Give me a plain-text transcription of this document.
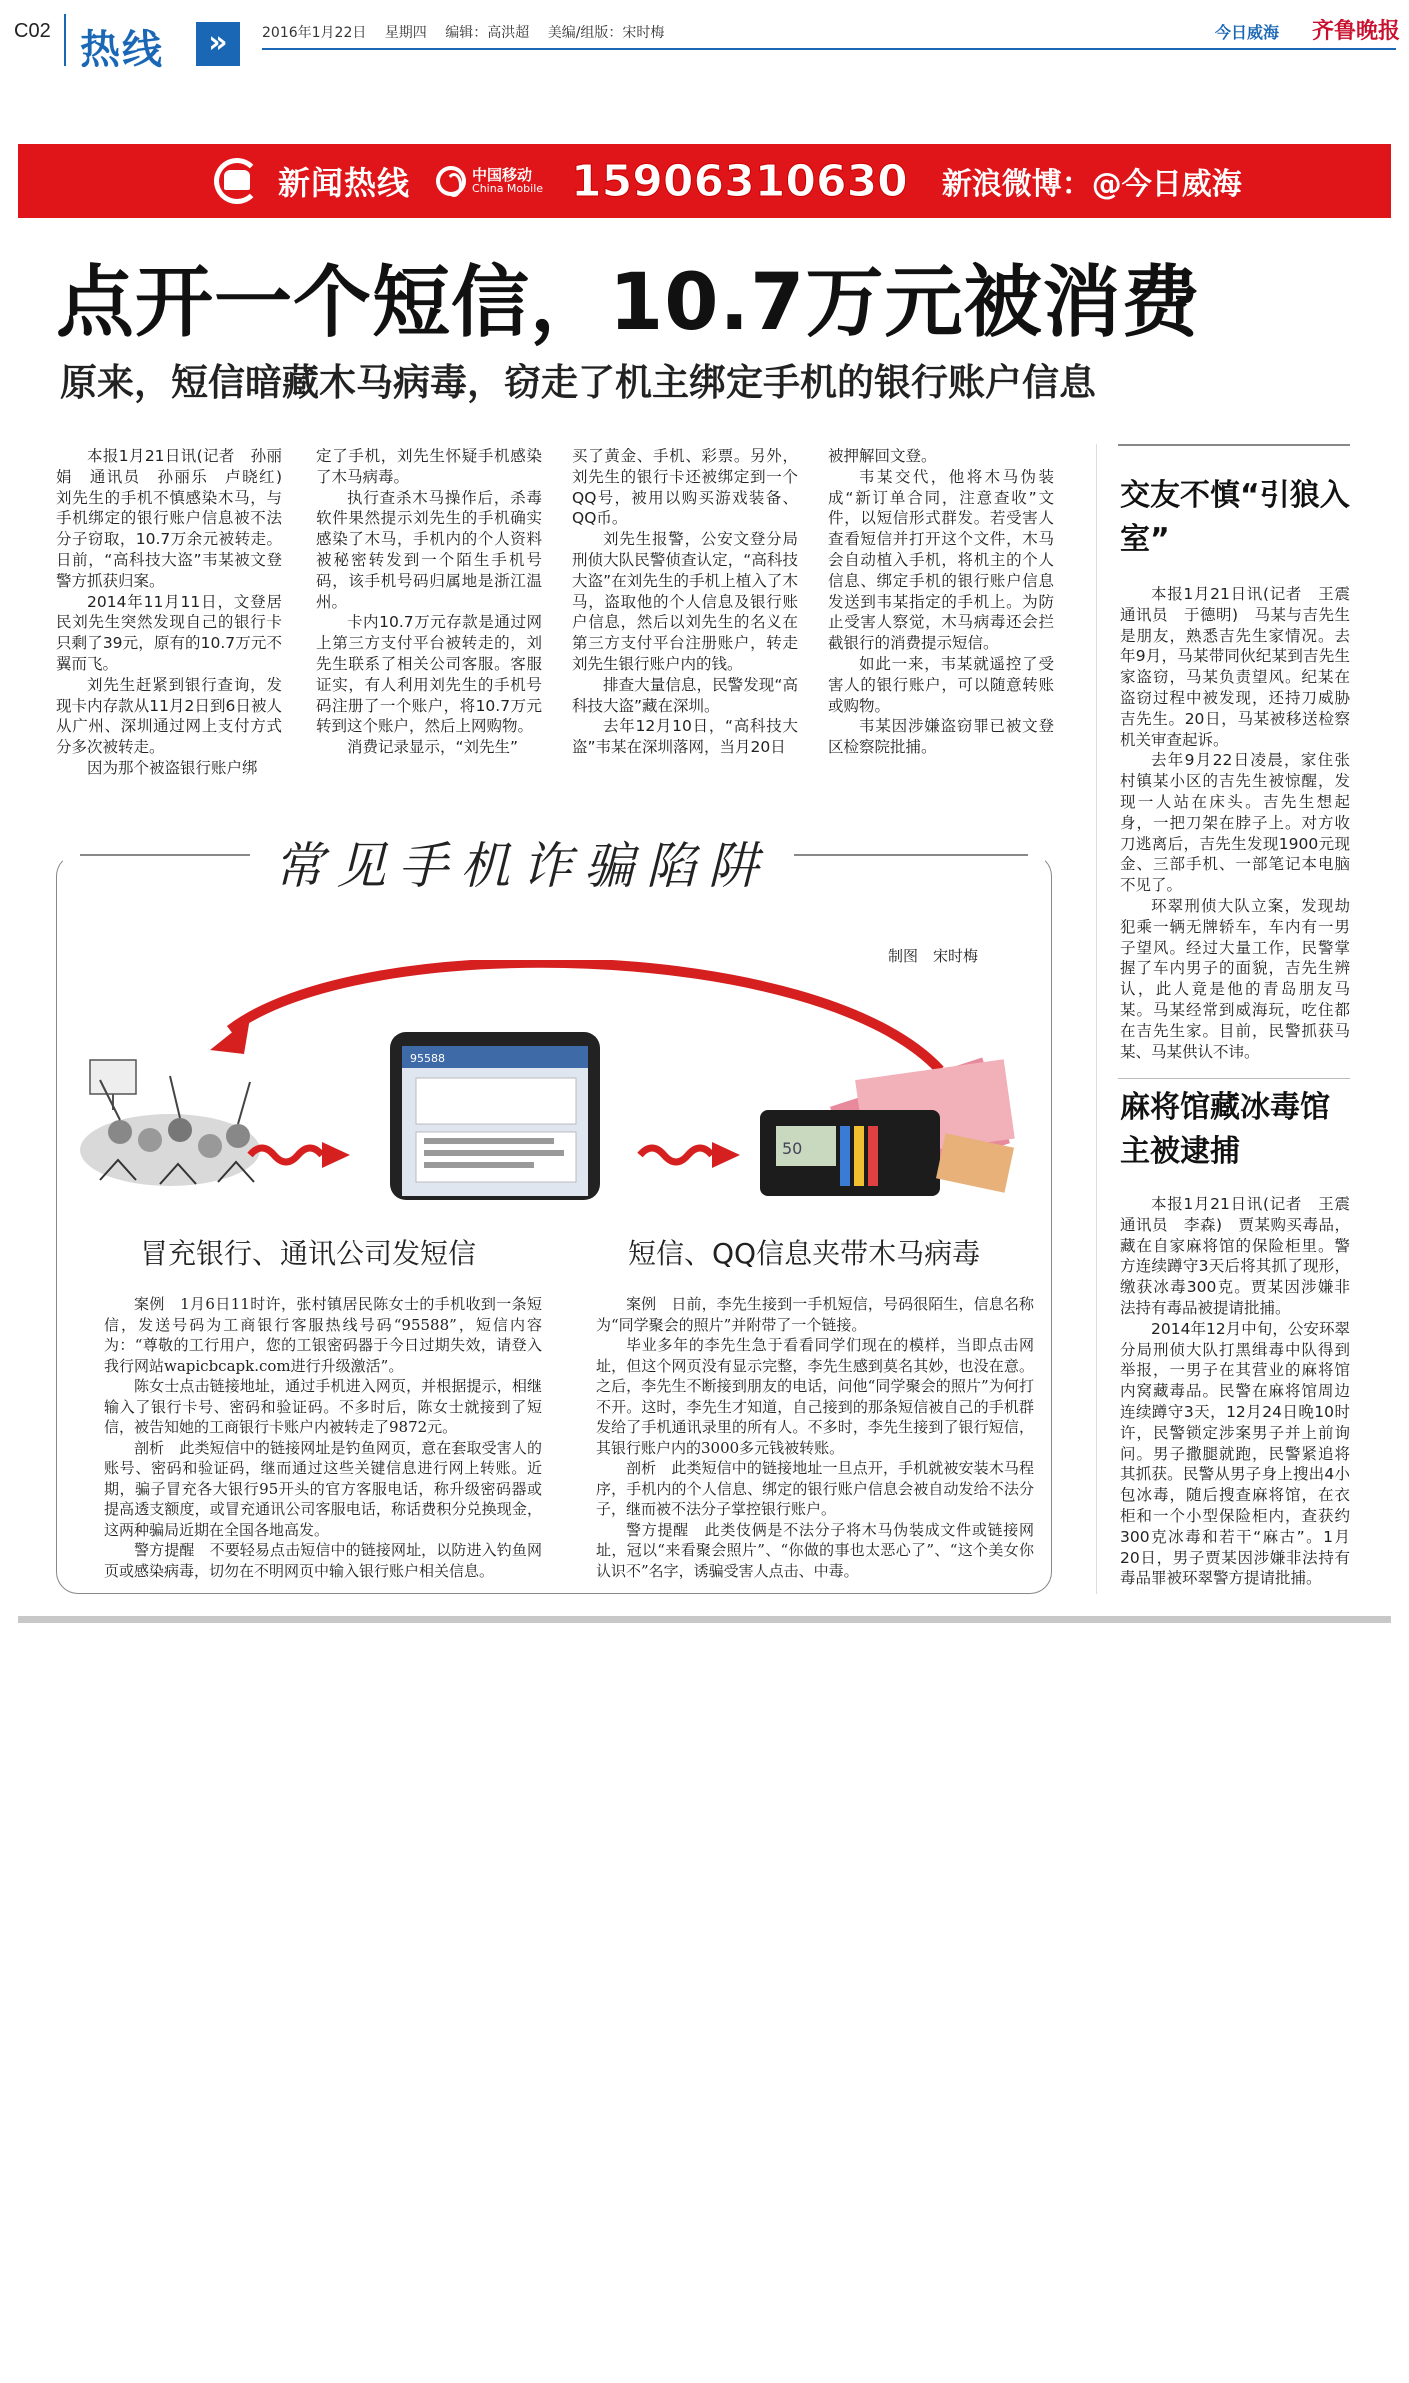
C02 热线	»	2016年1月22日 星期四 编辑：高洪超 美编/组版：宋时梅	今日威海 齐鲁晚报
新闻热线	中国移动
China Mobile 15906310630 新浪微博：@今日威海
点开一个短信，10.7万元被消费
原来，短信暗藏木马病毒，窃走了机主绑定手机的银行账户信息

本报1月21日讯(记者　孙丽娟　通讯员　孙丽乐　卢晓红)　刘先生的手机不慎感染木马，与手机绑定的银行账户信息被不法分子窃取，10.7万余元被转走。日前，“高科技大盗”韦某被文登警方抓获归案。

2014年11月11日，文登居民刘先生突然发现自己的银行卡只剩了39元，原有的10.7万元不翼而飞。

刘先生赶紧到银行查询，发现卡内存款从11月2日到6日被人从广州、深圳通过网上支付方式分多次被转走。

因为那个被盗银行账户绑

定了手机，刘先生怀疑手机感染了木马病毒。

执行查杀木马操作后，杀毒软件果然提示刘先生的手机确实感染了木马，手机内的个人资料被秘密转发到一个陌生手机号码，该手机号码归属地是浙江温州。

卡内10.7万元存款是通过网上第三方支付平台被转走的，刘先生联系了相关公司客服。客服证实，有人利用刘先生的手机号码注册了一个账户，将10.7万元转到这个账户，然后上网购物。

消费记录显示，“刘先生”

买了黄金、手机、彩票。另外，刘先生的银行卡还被绑定到一个QQ号，被用以购买游戏装备、QQ币。

刘先生报警，公安文登分局刑侦大队民警侦查认定，“高科技大盗”在刘先生的手机上植入了木马，盗取他的个人信息及银行账户信息，然后以刘先生的名义在第三方支付平台注册账户，转走刘先生银行账户内的钱。

排查大量信息，民警发现“高科技大盗”藏在深圳。

去年12月10日，“高科技大盗”韦某在深圳落网，当月20日

被押解回文登。

韦某交代，他将木马伪装成“新订单合同，注意查收”文件，以短信形式群发。若受害人查看短信并打开这个文件，木马会自动植入手机，将机主的个人信息、绑定手机的银行账户信息发送到韦某指定的手机上。为防止受害人察觉，木马病毒还会拦截银行的消费提示短信。

如此一来，韦某就遥控了受害人的银行账户，可以随意转账或购物。

韦某因涉嫌盗窃罪已被文登区检察院批捕。

常见手机诈骗陷阱
制图　宋时梅
95588
50
冒充银行、通讯公司发短信	短信、QQ信息夹带木马病毒

案例　1月6日11时许，张村镇居民陈女士的手机收到一条短信，发送号码为工商银行客服热线号码“95588”，短信内容为：“尊敬的工行用户，您的工银密码器于今日过期失效，请登入我行网站wapicbcapk.com进行升级激活”。

陈女士点击链接地址，通过手机进入网页，并根据提示，相继输入了银行卡号、密码和验证码。不多时后，陈女士就接到了短信，被告知她的工商银行卡账户内被转走了9872元。

剖析　此类短信中的链接网址是钓鱼网页，意在套取受害人的账号、密码和验证码，继而通过这些关键信息进行网上转账。近期，骗子冒充各大银行95开头的官方客服电话，称升级密码器或提高透支额度，或冒充通讯公司客服电话，称话费积分兑换现金，这两种骗局近期在全国各地高发。

警方提醒　不要轻易点击短信中的链接网址，以防进入钓鱼网页或感染病毒，切勿在不明网页中输入银行账户相关信息。

案例　日前，李先生接到一手机短信，号码很陌生，信息名称为“同学聚会的照片”并附带了一个链接。

毕业多年的李先生急于看看同学们现在的模样，当即点击网址，但这个网页没有显示完整，李先生感到莫名其妙，也没在意。之后，李先生不断接到朋友的电话，问他“同学聚会的照片”为何打不开。这时，李先生才知道，自己接到的那条短信被自己的手机群发给了手机通讯录里的所有人。不多时，李先生接到了银行短信，其银行账户内的3000多元钱被转账。

剖析　此类短信中的链接地址一旦点开，手机就被安装木马程序，手机内的个人信息、绑定的银行账户信息会被自动发给不法分子，继而被不法分子掌控银行账户。

警方提醒　此类伎俩是不法分子将木马伪装成文件或链接网址，冠以“来看聚会照片”、“你做的事也太恶心了”、“这个美女你认识不”名字，诱骗受害人点击、中毒。

交友不慎“引狼入室”

本报1月21日讯(记者　王震　通讯员　于德明)　马某与吉先生是朋友，熟悉吉先生家情况。去年9月，马某带同伙纪某到吉先生家盗窃，马某负责望风。纪某在盗窃过程中被发现，还持刀威胁吉先生。20日，马某被移送检察机关审查起诉。

去年9月22日凌晨，家住张村镇某小区的吉先生被惊醒，发现一人站在床头。吉先生想起身，一把刀架在脖子上。对方收刀逃离后，吉先生发现1900元现金、三部手机、一部笔记本电脑不见了。

环翠刑侦大队立案，发现劫犯乘一辆无牌轿车，车内有一男子望风。经过大量工作，民警掌握了车内男子的面貌，吉先生辨认，此人竟是他的青岛朋友马某。马某经常到威海玩，吃住都在吉先生家。目前，民警抓获马某、马某供认不讳。

麻将馆藏冰毒馆主被逮捕

本报1月21日讯(记者　王震　通讯员　李森)　贾某购买毒品，藏在自家麻将馆的保险柜里。警方连续蹲守3天后将其抓了现形，缴获冰毒300克。贾某因涉嫌非法持有毒品被提请批捕。

2014年12月中旬，公安环翠分局刑侦大队打黑缉毒中队得到举报，一男子在其营业的麻将馆内窝藏毒品。民警在麻将馆周边连续蹲守3天，12月24日晚10时许，民警锁定涉案男子并上前询问。男子撒腿就跑，民警紧追将其抓获。民警从男子身上搜出4小包冰毒，随后搜查麻将馆，在衣柜和一个小型保险柜内，查获约300克冰毒和若干“麻古”。1月20日，男子贾某因涉嫌非法持有毒品罪被环翠警方提请批捕。
